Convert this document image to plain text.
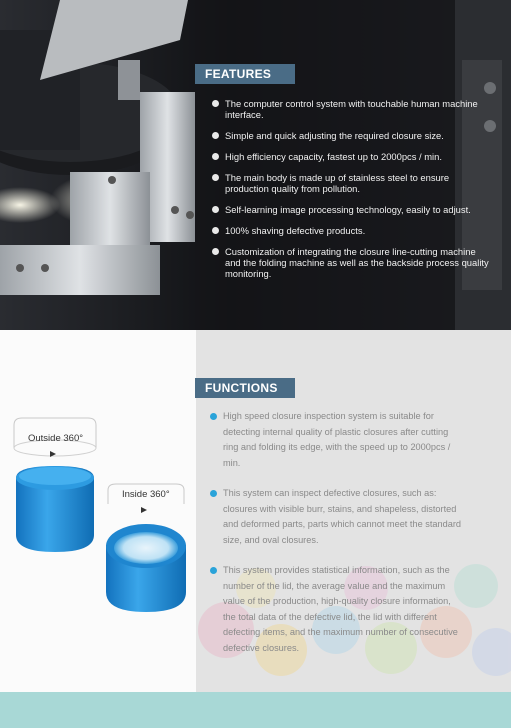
FEATURES
The computer control system with touchable human machine interface.
Simple and quick adjusting the required closure size.
High efficiency capacity, fastest up to 2000pcs / min.
The main body is made up of stainless steel to ensure production quality from pollution.
Self-learning image processing technology, easily to adjust.
100% shaving defective products.
Customization of integrating the closure line-cutting machine and the folding machine as well as the backside process quality monitoring.
Outside 360°
Inside 360°
FUNCTIONS
High speed closure inspection system is suitable for detecting internal quality of plastic closures after cutting ring and folding its edge, with the speed up to 2000pcs / min.
This system can inspect defective closures, such as: closures with visible burr, stains, and shapeless, distorted and deformed parts, parts which cannot meet the standard size, and oval closures.
This system provides statistical information, such as the number of the lid, the average value and the maximum value of the production, high-quality closure information, the total data of the defective lid, the lid with different defecting items, and the maximum number of consecutive defective closures.
